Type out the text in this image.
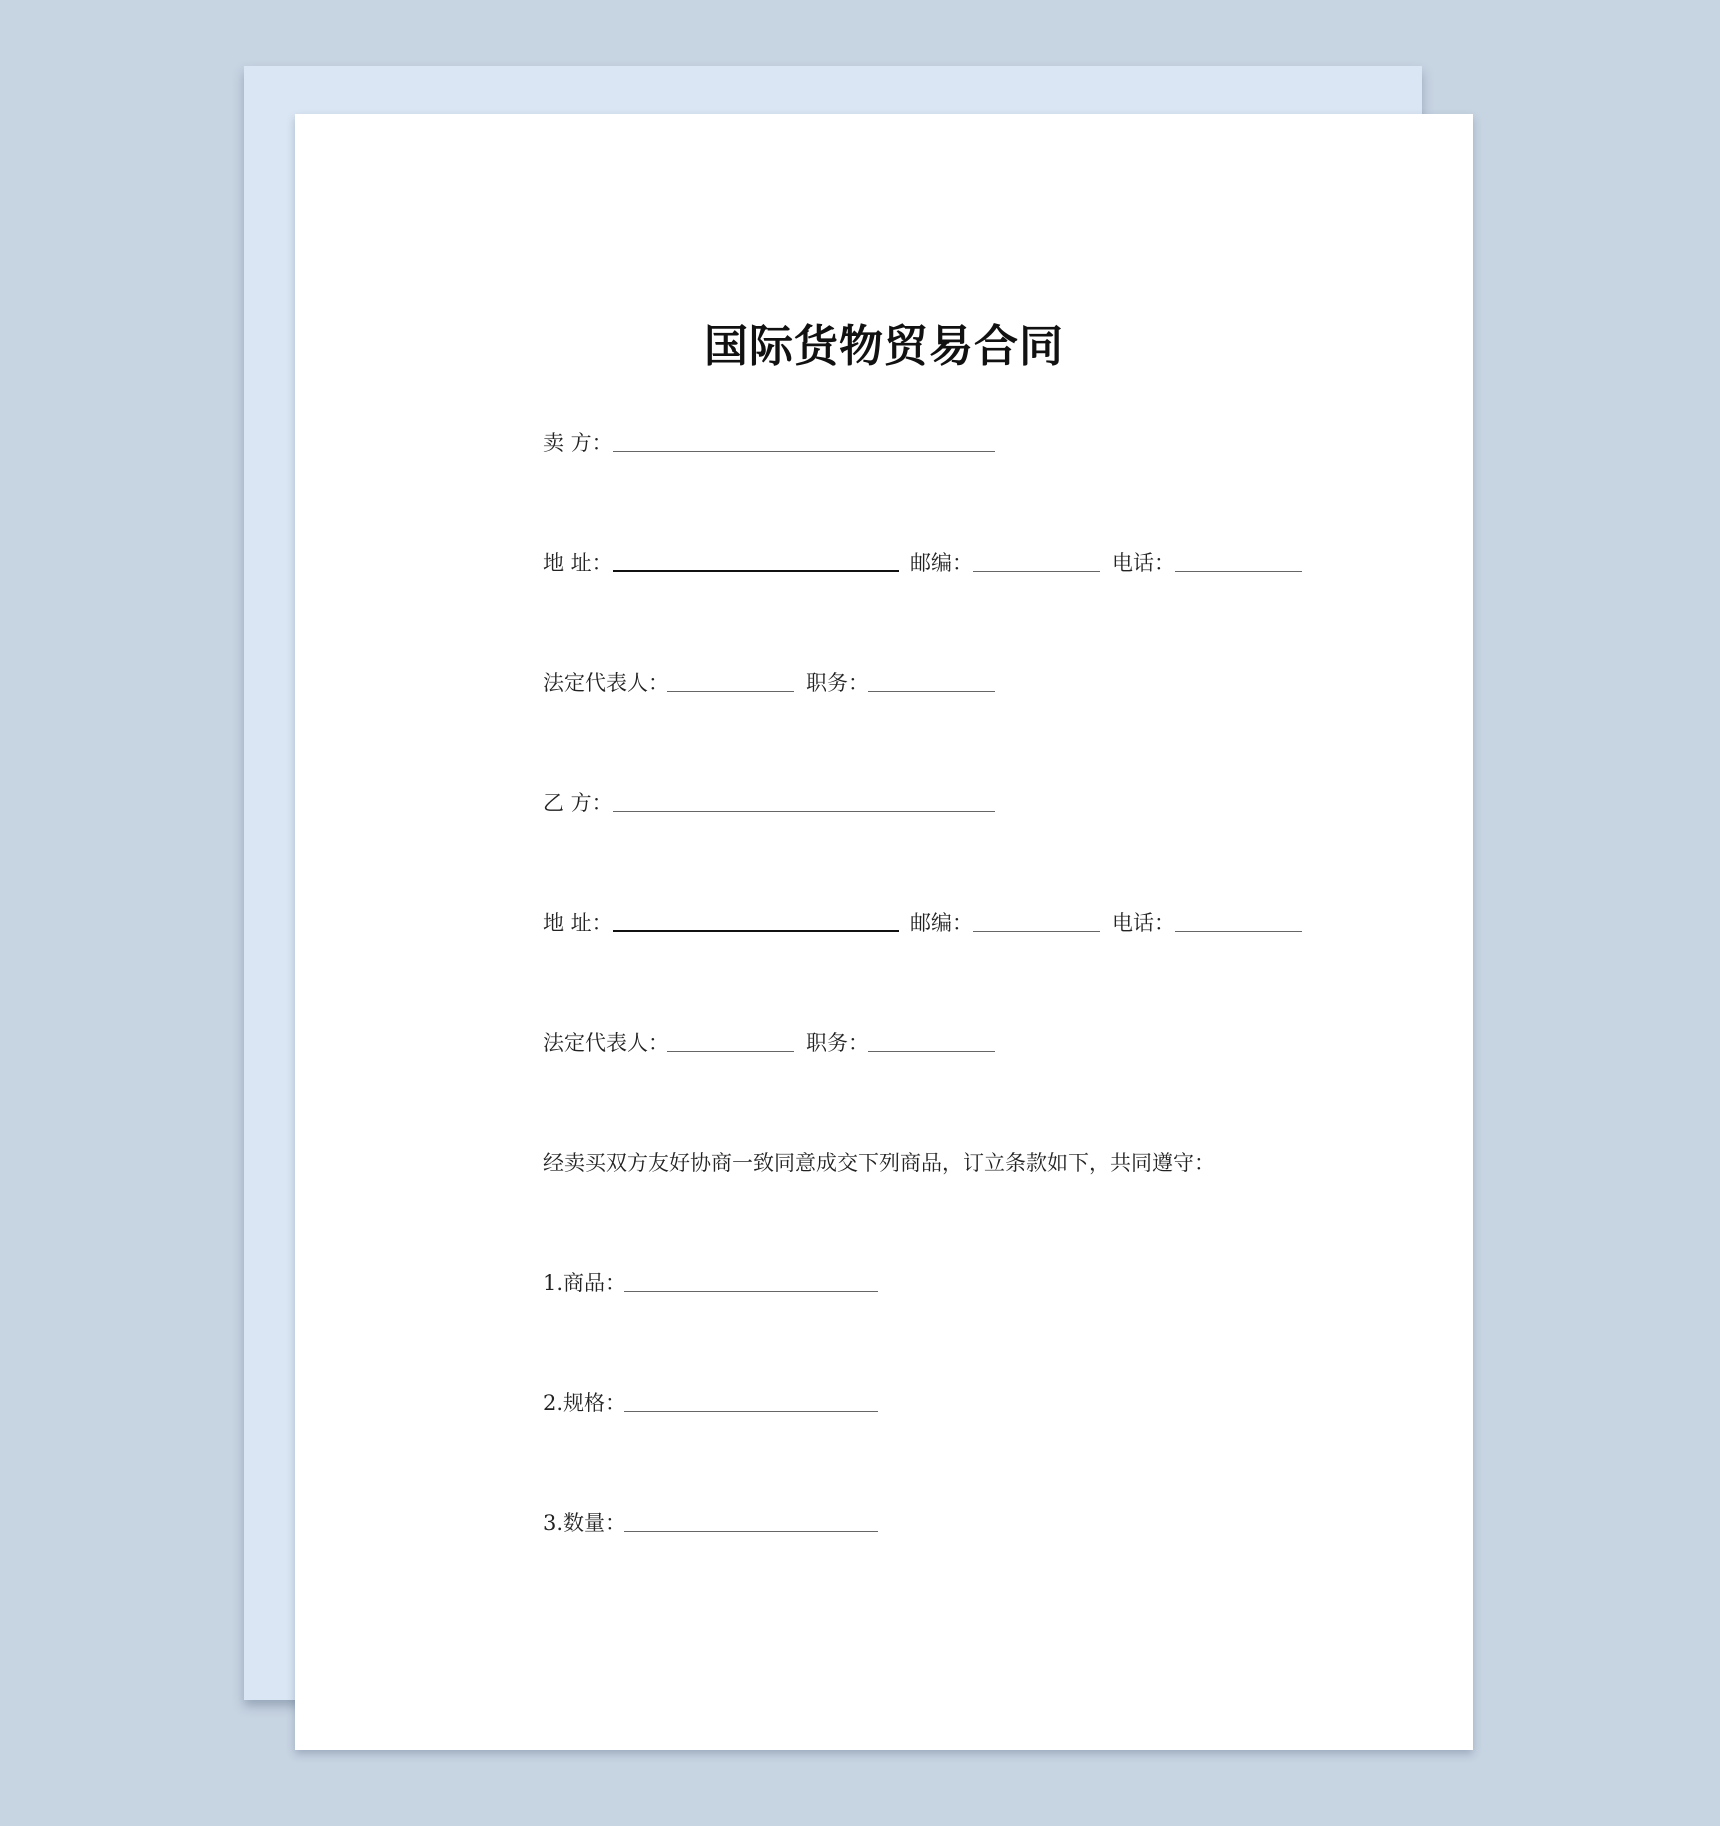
国际货物贸易合同
卖 方：
地 址：	邮编：	电话：
法定代表人：	职务：
乙 方：
地 址：	邮编：	电话：
法定代表人：	职务：
经卖买双方友好协商一致同意成交下列商品，订立条款如下，共同遵守：
1.商品：
2.规格：
3.数量：
